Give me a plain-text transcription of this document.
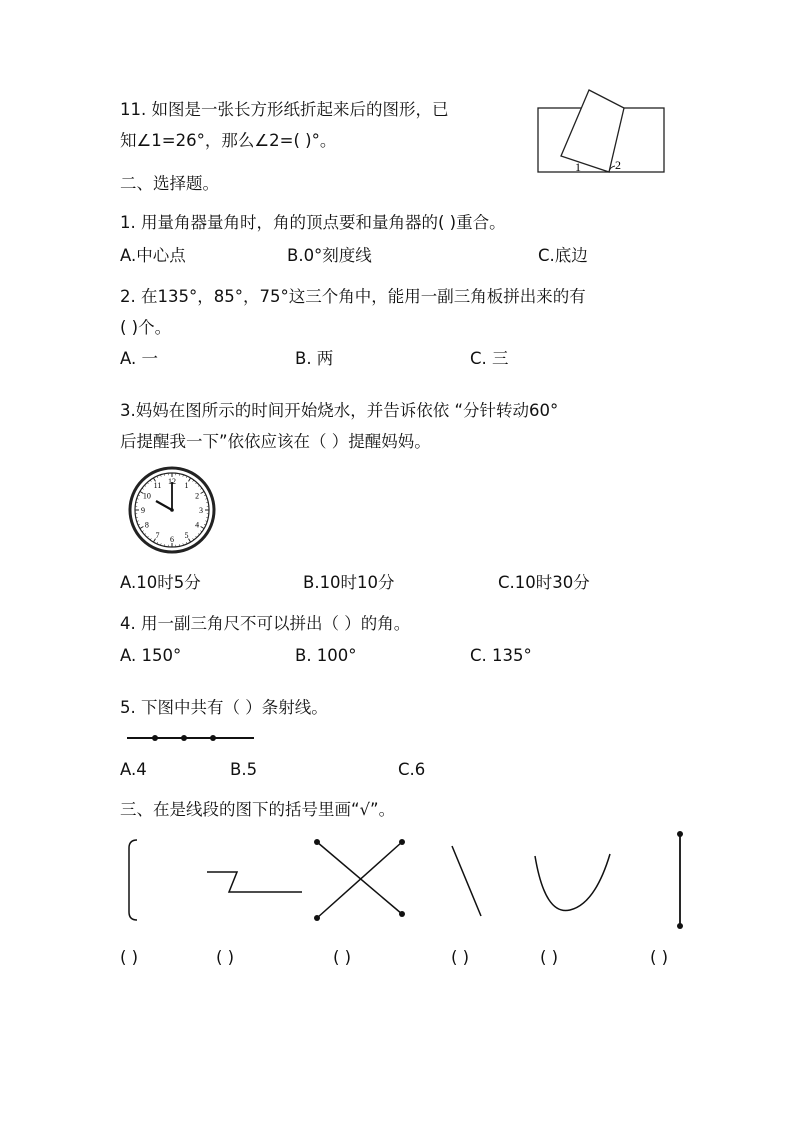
11. 如图是一张长方形纸折起来后的图形，已
知∠1=26°，那么∠2=( )°。
1	2
二、选择题。
1. 用量角器量角时，角的顶点要和量角器的( )重合。
A.中心点	B.0°刻度线	C.底边
2. 在135°，85°，75°这三个角中，能用一副三角板拼出来的有
( )个。
A. 一	B. 两	C. 三
3.妈妈在图所示的时间开始烧水，并告诉依依 “分针转动60°
后提醒我一下”依依应该在（ ）提醒妈妈。
12 1
2
3
4
5
6
7
8
9
10
11
A.10时5分	B.10时10分	C.10时30分
4. 用一副三角尺不可以拼出（ ）的角。
A. 150°	B. 100°	C. 135°
5. 下图中共有（ ）条射线。
A.4	B.5	C.6
三、在是线段的图下的括号里画“√”。
( )	( )	( )	( )	( )	( )
